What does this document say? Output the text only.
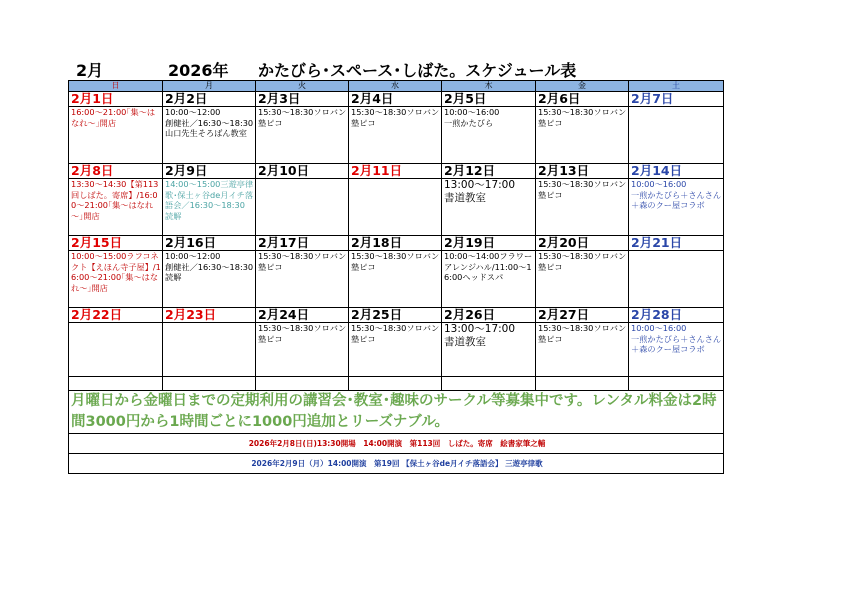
2月	2026年 かたびら･スペース･しばた。スケジュール表
日	月	火	水	木	金	土

2月1日
16:00～21:00｢集～はなれ～｣開店	2月2日
10:00～12:00
創健社／16:30～18:30 山口先生そろばん教室	2月3日
15:30～18:30ソロバン塾ピコ	2月4日
15:30～18:30ソロバン塾ピコ	2月5日
10:00～16:00
一煎かたびら	2月6日
15:30～18:30ソロバン塾ピコ	2月7日

2月8日
13:30～14:30【第113回しばた。寄席】/16:00～21:00｢集～はなれ～｣開店	2月9日
14:00～15:00三遊亭律歌･保土ヶ谷de月イチ落語会／16:30～18:30　読解	2月10日	2月11日	2月12日
13:00～17:00
書道教室	2月13日
15:30～18:30ソロバン塾ピコ	2月14日
10:00～16:00
一煎かたびら＋さんさん＋森のクー屋コラボ

2月15日
10:00～15:00ラフコネクト【えほん寺子屋】/16:00～21:00｢集～はなれ～｣開店	2月16日
10:00～12:00
創健社／16:30～18:30　読解	2月17日
15:30～18:30ソロバン塾ピコ	2月18日
15:30～18:30ソロバン塾ピコ	2月19日
10:00～14:00フラワーアレンジハル/11:00～16:00ヘッドスパ	2月20日
15:30～18:30ソロバン塾ピコ	2月21日

2月22日	2月23日	2月24日
15:30～18:30ソロバン塾ピコ	2月25日
15:30～18:30ソロバン塾ピコ	2月26日
13:00～17:00
書道教室	2月27日
15:30～18:30ソロバン塾ピコ	2月28日
10:00～16:00
一煎かたびら＋さんさん＋森のクー屋コラボ

月曜日から金曜日までの定期利用の講習会･教室･趣味のサークル等募集中です。レンタル料金は2時間3000円から1時間ごとに1000円追加とリーズナブル。						
2026年2月8日(日)13:30開場　14:00開演　第113回　しばた。寄席　絵書家筆之輔						
2026年2月9日（月）14:00開演　第19回 【保土ヶ谷de月イチ落語会】 三遊亭律歌						
